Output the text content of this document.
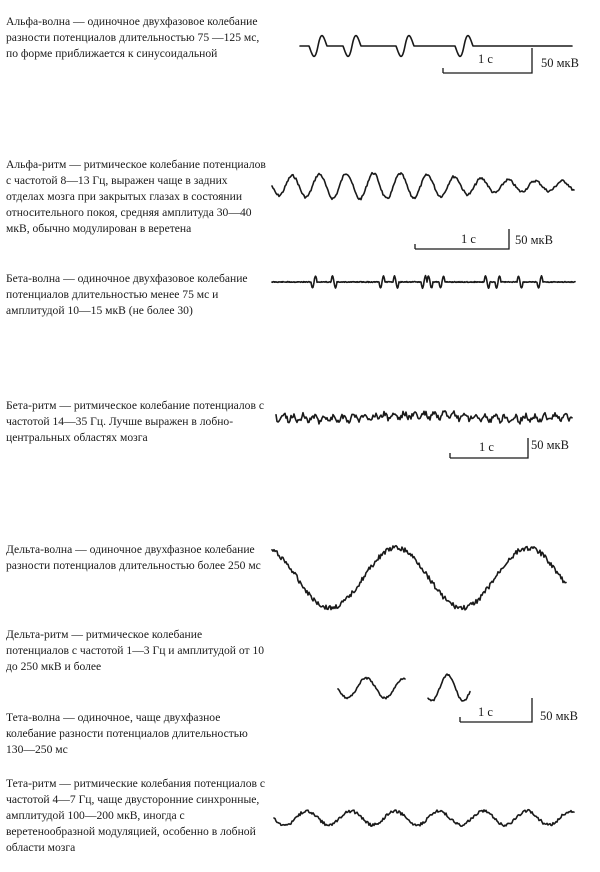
Альфа-волна — одиночное двухфазовое колебание разности потенциалов длительностью 75 —125 мс, по форме приближается к синусоидальной
Альфа-ритм — ритмическое колебание потенциалов с частотой 8—13 Гц, выражен чаще в задних отделах мозга при закрытых глазах в состоянии относительного покоя, средняя амплитуда 30—40 мкВ, обычно модулирован в веретена
Бета-волна — одиночное двухфазовое колебание потенциалов длительностью менее 75 мс и амплитудой 10—15 мкВ (не более 30)
Бета-ритм — ритмическое колебание потенциалов с частотой 14—35 Гц. Лучше выражен в лобно-центральных областях мозга
Дельта-волна — одиночное двухфазное колебание разности потенциалов длительностью более 250 мс
Дельта-ритм — ритмическое колебание потенциалов с частотой 1—3 Гц и амплитудой от 10 до 250 мкВ и более
Тета-волна — одиночное, чаще двухфазное колебание разности потенциалов длительностью 130—250 мс
Тета-ритм — ритмические колебания потенциалов с частотой 4—7 Гц, чаще двусторонние синхронные, амплитудой 100—200 мкВ, иногда с веретенообразной модуляцией, особенно в лобной области мозга
1 с	50 мкВ
1 с	50 мкВ
1 с	50 мкВ
1 с	50 мкВ
